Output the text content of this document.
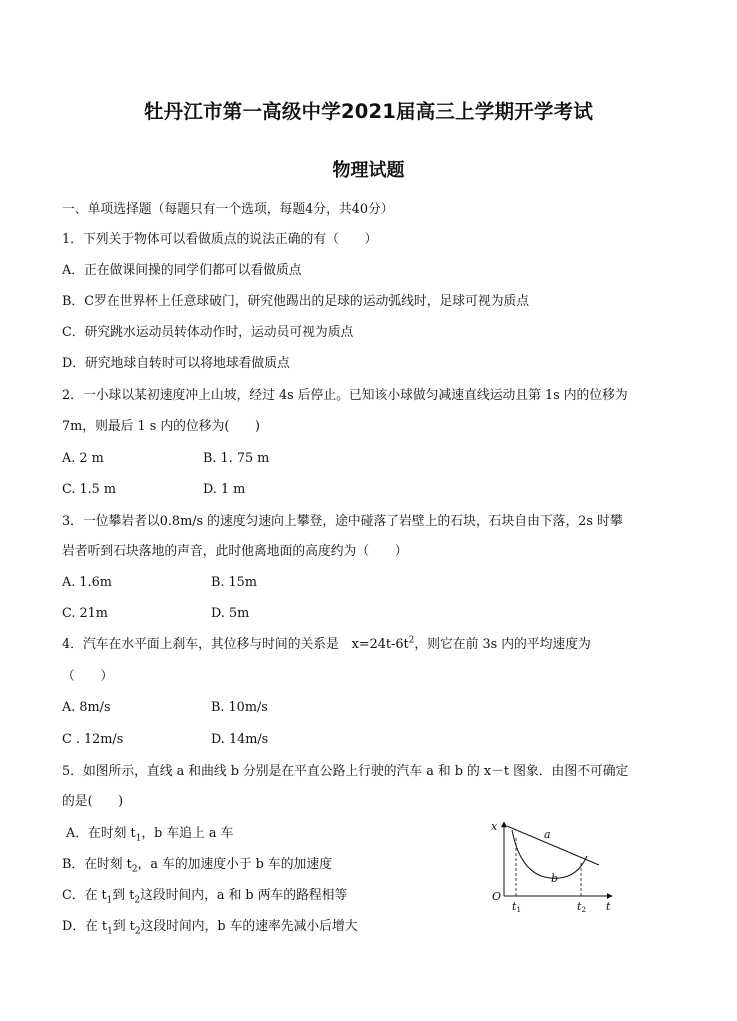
牡丹江市第一高级中学2021届高三上学期开学考试
物理试题
一、单项选择题（每题只有一个选项，每题4分，共40分）
1．下列关于物体可以看做质点的说法正确的有（　　）
A．正在做课间操的同学们都可以看做质点
B．C罗在世界杯上任意球破门，研究他踢出的足球的运动弧线时，足球可视为质点
C．研究跳水运动员转体动作时，运动员可视为质点
D．研究地球自转时可以将地球看做质点
2．一小球以某初速度冲上山坡，经过 4s 后停止。已知该小球做匀减速直线运动且第 1s 内的位移为
7m，则最后 1 s 内的位移为(　　)
A. 2 m	B. 1. 75 m
C. 1.5 m	D. 1 m
3．一位攀岩者以0.8m/s 的速度匀速向上攀登，途中碰落了岩壁上的石块，石块自由下落，2s 时攀
岩者听到石块落地的声音，此时他离地面的高度约为（　　）
A. 1.6m	B. 15m
C. 21m	D. 5m
4．汽车在水平面上刹车，其位移与时间的关系是　$x=24t-6t^2$，则它在前 3s 内的平均速度为
（　　）
A. 8m/s	B. 10m/s
C . 12m/s	D. 14m/s
5．如图所示，直线 a 和曲线 b 分别是在平直公路上行驶的汽车 a 和 b 的 x－t 图象．由图不可确定
的是(　　)
A．在时刻 $t_1$，b 车追上 a 车
B．在时刻 $t_2$，a 车的加速度小于 b 车的加速度
C．在 $t_1$到 $t_2$这段时间内，a 和 b 两车的路程相等
D．在 $t_1$到 $t_2$这段时间内，b 车的速率先减小后增大
x
t
O
a
b
t1	t2
